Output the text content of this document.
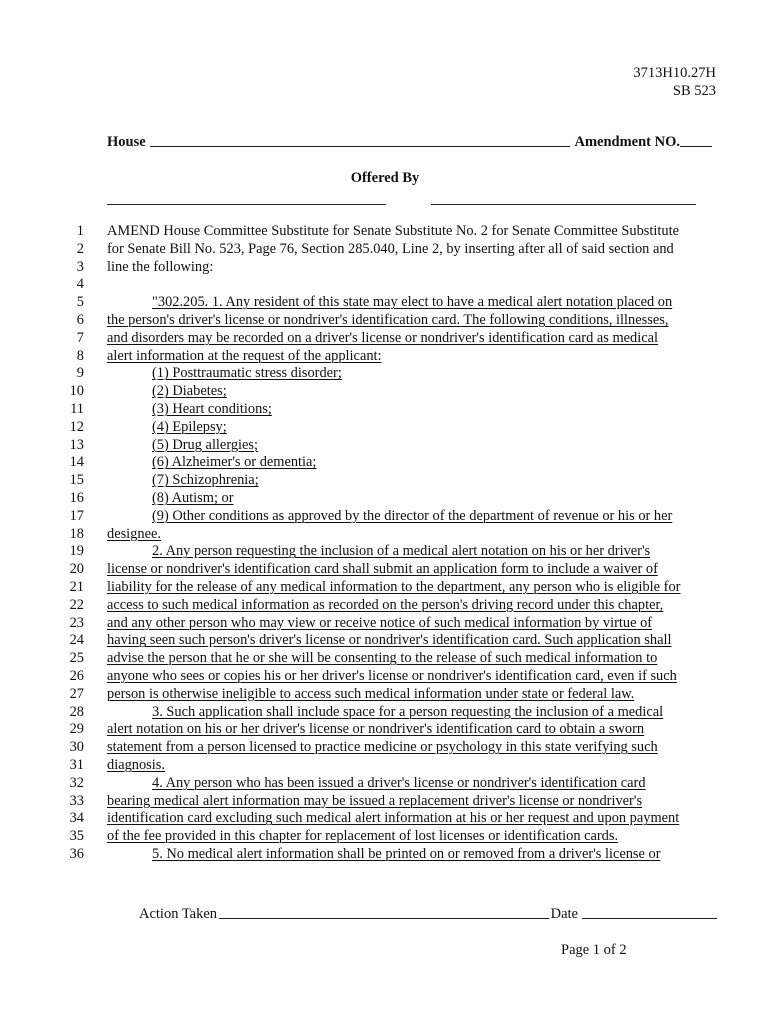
3713H10.27H
SB 523
House	Amendment NO.
Offered By
1 AMEND House Committee Substitute for Senate Substitute No. 2 for Senate Committee Substitute
2 for Senate Bill No. 523, Page 76, Section 285.040, Line 2, by inserting after all of said section and
3 line the following:
4
5	"302.205. 1. Any resident of this state may elect to have a medical alert notation placed on
6 the person's driver's license or nondriver's identification card. The following conditions, illnesses,
7 and disorders may be recorded on a driver's license or nondriver's identification card as medical
8 alert information at the request of the applicant:
9	(1) Posttraumatic stress disorder;
10	(2) Diabetes;
11	(3) Heart conditions;
12	(4) Epilepsy;
13	(5) Drug allergies;
14	(6) Alzheimer's or dementia;
15	(7) Schizophrenia;
16	(8) Autism; or
17	(9) Other conditions as approved by the director of the department of revenue or his or her
18 designee.
19	2. Any person requesting the inclusion of a medical alert notation on his or her driver's
20 license or nondriver's identification card shall submit an application form to include a waiver of
21 liability for the release of any medical information to the department, any person who is eligible for
22 access to such medical information as recorded on the person's driving record under this chapter,
23 and any other person who may view or receive notice of such medical information by virtue of
24 having seen such person's driver's license or nondriver's identification card. Such application shall
25 advise the person that he or she will be consenting to the release of such medical information to
26 anyone who sees or copies his or her driver's license or nondriver's identification card, even if such
27 person is otherwise ineligible to access such medical information under state or federal law.
28	3. Such application shall include space for a person requesting the inclusion of a medical
29 alert notation on his or her driver's license or nondriver's identification card to obtain a sworn
30 statement from a person licensed to practice medicine or psychology in this state verifying such
31 diagnosis.
32	4. Any person who has been issued a driver's license or nondriver's identification card
33 bearing medical alert information may be issued a replacement driver's license or nondriver's
34 identification card excluding such medical alert information at his or her request and upon payment
35 of the fee provided in this chapter for replacement of lost licenses or identification cards.
36	5. No medical alert information shall be printed on or removed from a driver's license or
Action Taken	Date
Page 1 of 2
